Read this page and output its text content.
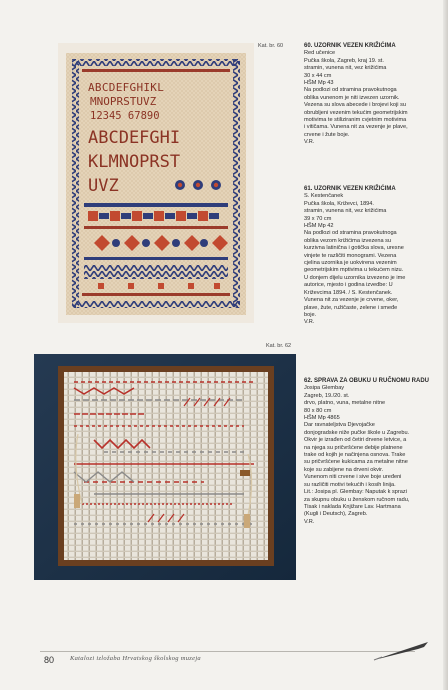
Kat. br. 60
ABCDEFGHIKL
MNOPRSTUVZ
12345 67890
ABCDEFGHI
KLMNOPRST
UVZ

60. UZORNIK VEZEN KRIŽIĆIMA

Red učenice

Pučka škola, Zagreb, kraj 19. st.

stramin, vunena nit, vez križićima

30 x 44 cm

HŠM Mp 43

Na podlozi od stramina pravokutnoga

oblika vunenom je niti izvezen uzornik.

Vezena su slova abecede i brojevi koji su

obrubljeni vezenim tekućim geometrijskim

motivima te stiliziranim cvjetnim motivima

i vitičama. Vunena nit za vezenje je plave,

crvene i žute boje.

V.R.

61. UZORNIK VEZEN KRIŽIĆIMA

S. Kestenčanek

Pučka škola, Križevci, 1894.

stramin, vunena nit, vez križićima

39 x 70 cm

HŠM Mp 42

Na podlozi od stramina pravokutnoga

oblika vezom križićima izvezena su

kurzivna latinična i gotička slova, uresne

vinjete te različiti monogrami. Vezena

cjelina uzornika je uokvirena vezenim

geometrijskim mptivima u tekućem nizu.

U donjem dijelu uzornika izvezeno je ime

autorice, mjesto i godina izvedbe: U

Križevcima 1894. / S. Kestenčanek.

Vunena nit za vezenje je crvene, oker,

plave, žute, ružičaste, zelene i smeđe

boje.

V.R.

Kat. br. 62

62. SPRAVA ZA OBUKU U RUČNOMU RADU

Josipa Glembay

Zagreb, 19./20. st.

drvo, platno, vuna, metalne nitne

80 x 80 cm

HŠM Mp 4865

Dar ravnateljstva Djevojačke

donjogradske niže pučke škole u Zagrebu.

Okvir je izrađen od četiri drvene letvice, a

na njega su pričvršćene debije platnene

trake od kojih je načinjena osnova. Trake

su pričvršćene kukicama za metalne nitne

koje su zabijene na drveni okvir.

Vunenom niti crvene i sive boje uređeni

su različiti motivi tekućih i kosih linija.

Lit.: Josipa pl. Glembay: Naputak k sprazi

za skupnu obuku u ženskom ručnom radu,

Tisak i naklada Knjižare Lav. Hartmana

(Kugli i Deutsch), Zagreb.

V.R.

80 Katalozi izložaba Hrvatskog školskog muzeja
